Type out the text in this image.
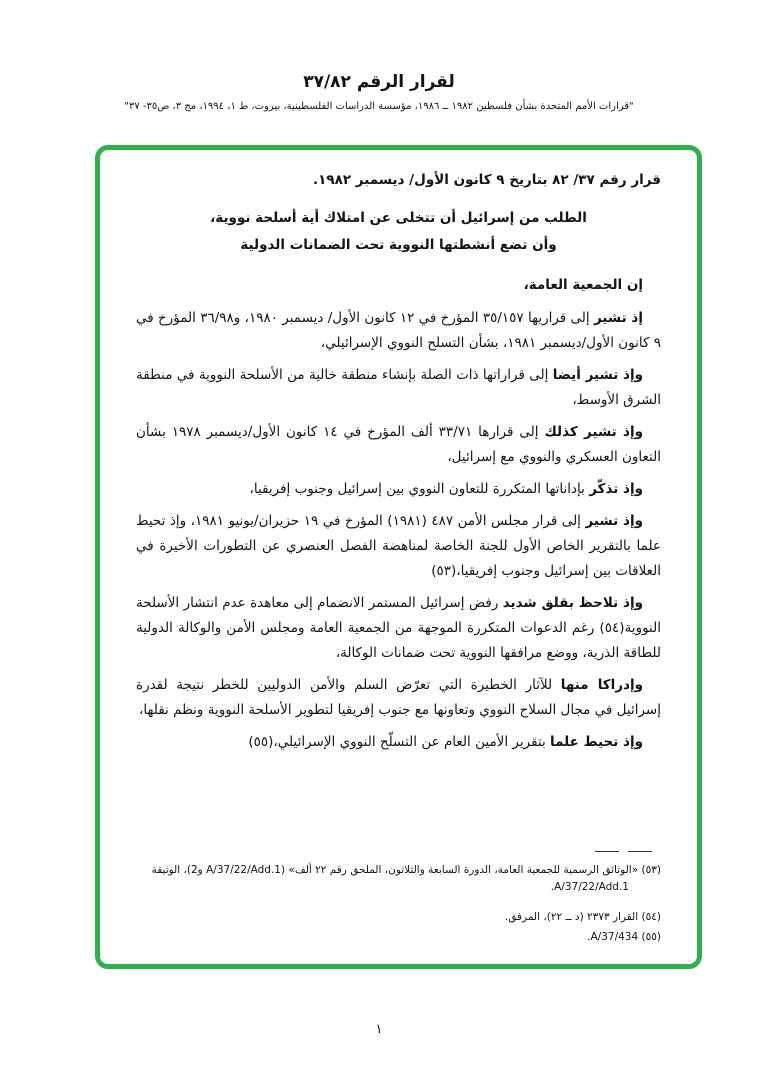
لقرار الرقم ٣٧/٨٢
"قرارات الأمم المتحدة بشأن فلسطين ١٩٨٢ ــ ١٩٨٦، مؤسسة الدراسات الفلسطينية، بيروت، ط ١، ١٩٩٤، مج ٣، ص٣٥- ٣٧"

قرار رقم ٣٧/ ٨٢ بتاريخ ٩ كانون الأول/ ديسمبر ١٩٨٢.

الطلب من إسرائيل أن تتخلى عن امتلاك أية أسلحة نووية،
وأن تضع أنشطتها النووية تحت الضمانات الدولية

إن الجمعية العامة،

إذ تشير إلى قراريها ٣٥/١٥٧ المؤرخ في ١٢ كانون الأول/ ديسمبر ١٩٨٠، و٣٦/٩٨ المؤرخ في ٩ كانون الأول/ديسمبر ١٩٨١، بشأن التسلح النووي الإسرائيلي،

وإذ تشير أيضا إلى قراراتها ذات الصلة بإنشاء منطقة خالية من الأسلحة النووية في منطقة الشرق الأوسط،

وإذ تشير كذلك إلى قرارها ٣٣/٧١ ألف المؤرخ في ١٤ كانون الأول/ديسمبر ١٩٧٨ بشأن التعاون العسكري والنووي مع إسرائيل،

وإذ تذكّر بإداناتها المتكررة للتعاون النووي بين إسرائيل وجنوب إفريقيا،

وإذ تشير إلى قرار مجلس الأمن ٤٨٧ (١٩٨١) المؤرخ في ١٩ حزيران/يونيو ١٩٨١، وإذ تحيط علما بالتقرير الخاص الأول للجنة الخاصة لمناهضة الفصل العنصري عن التطورات الأخيرة في العلاقات بين إسرائيل وجنوب إفريقيا،(٥٣)

وإذ تلاحظ بقلق شديد رفض إسرائيل المستمر الانضمام إلى معاهدة عدم انتشار الأسلحة النووية(٥٤) رغم الدعوات المتكررة الموجهة من الجمعية العامة ومجلس الأمن والوكالة الدولية للطاقة الذرية، ووضع مرافقها النووية تحت ضمانات الوكالة،

وإدراكا منها للآثار الخطيرة التي تعرّض السلم والأمن الدوليين للخطر نتيجة لقدرة إسرائيل في مجال السلاح النووي وتعاونها مع جنوب إفريقيا لتطوير الأسلحة النووية ونظم نقلها،

وإذ تحيط علما بتقرير الأمين العام عن التسلّح النووي الإسرائيلي،(٥٥)

(٥٣) «الوثائق الرسمية للجمعية العامة، الدورة السابعة والثلاثون، الملحق رقم ٢٢ ألف» (A/37/22/Add.1 و2)، الوثيقة A/37/22/Add.1.

(٥٤) القرار ٢٣٧٣ (د ــ ٢٢)، المرفق.

(٥٥) A/37/434.

١
